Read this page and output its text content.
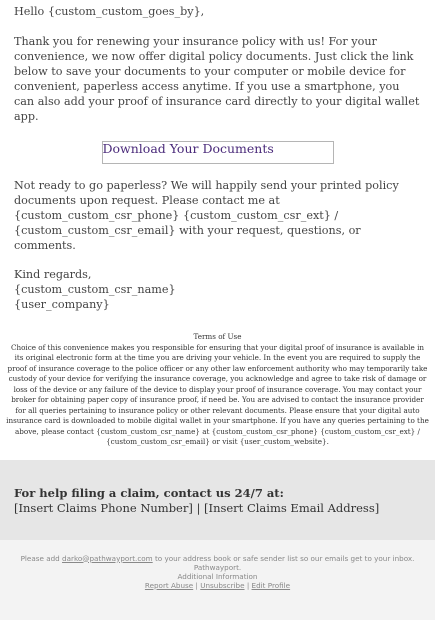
Hello {custom_custom_goes_by},

Thank you for renewing your insurance policy with us! For your convenience, we now offer digital policy documents. Just click the link below to save your documents to your computer or mobile device for convenient, paperless access anytime. If you use a smartphone, you can also add your proof of insurance card directly to your digital wallet app.

Download Your Documents

Not ready to go paperless? We will happily send your printed policy documents upon request. Please contact me at {custom_custom_csr_phone} {custom_custom_csr_ext} / {custom_custom_csr_email} with your request, questions, or comments.

Kind regards,
{custom_custom_csr_name}
{user_company}

Terms of Use
Choice of this convenience makes you responsible for ensuring that your digital proof of insurance is available in its original electronic form at the time you are driving your vehicle. In the event you are required to supply the proof of insurance coverage to the police officer or any other law enforcement authority who may temporarily take custody of your device for verifying the insurance coverage, you acknowledge and agree to take risk of damage or loss of the device or any failure of the device to display your proof of insurance coverage. You may contact your broker for obtaining paper copy of insurance proof, if need be. You are advised to contact the insurance provider for all queries pertaining to insurance policy or other relevant documents. Please ensure that your digital auto insurance card is downloaded to mobile digital wallet in your smartphone. If you have any queries pertaining to the above, please contact {custom_custom_csr_name} at {custom_custom_csr_phone} {custom_custom_csr_ext} / {custom_custom_csr_email} or visit {user_custom_website}.
For help filing a claim, contact us 24/7 at:
[Insert Claims Phone Number] | [Insert Claims Email Address]
Please add darko@pathwayport.com to your address book or safe sender list so our emails get to your inbox. Pathwayport.
Additional Information
Report Abuse | Unsubscribe | Edit Profile
